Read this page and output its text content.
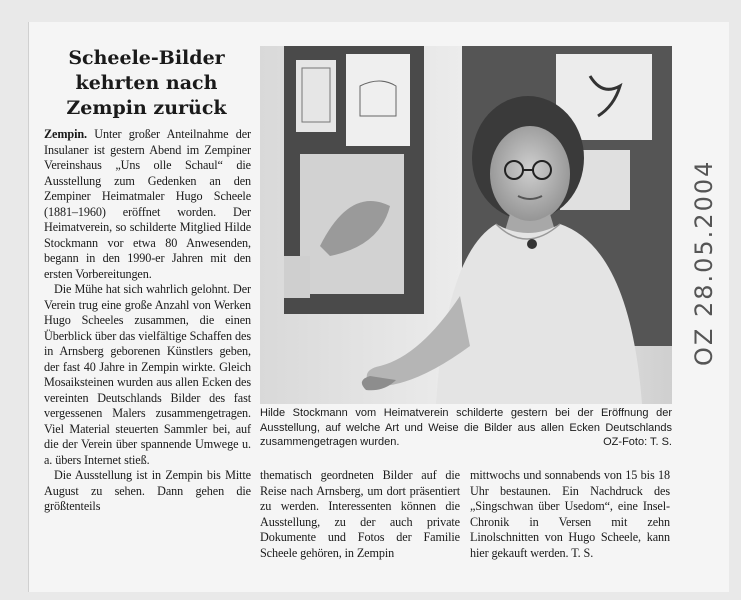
Scheele-Bilder
kehrten nach
Zempin zurück

Zempin. Unter großer Anteilnahme der Insulaner ist gestern Abend im Zempiner Vereinshaus „Uns olle Schaul“ die Ausstellung zum Gedenken an den Zempiner Heimatmaler Hugo Scheele (1881–1960) eröffnet worden. Der Heimatverein, so schilderte Mitglied Hilde Stockmann vor etwa 80 Anwesenden, begann in den 1990-er Jahren mit den ersten Vorbereitungen.

Die Mühe hat sich wahrlich gelohnt. Der Verein trug eine große Anzahl von Werken Hugo Scheeles zusammen, die einen Überblick über das vielfältige Schaffen des in Arnsberg geborenen Künstlers geben, der fast 40 Jahre in Zempin wirkte. Gleich Mosaiksteinen wurden aus allen Ecken des vereinten Deutschlands Bilder des fast vergessenen Malers zusammengetragen. Viel Material steuerten Sammler bei, auf die der Verein über spannende Umwege u. a. übers Internet stieß.

Die Ausstellung ist in Zempin bis Mitte August zu sehen. Dann gehen die größtenteils

Hilde Stockmann vom Heimatverein schilderte gestern bei der Eröffnung der Ausstellung, auf welche Art und Weise die Bilder aus allen Ecken Deutschlands zusammengetragen wurden.	OZ-Foto: T. S.

thematisch geordneten Bilder auf die Reise nach Arnsberg, um dort präsentiert zu werden. Interessenten können die Ausstellung, zu der auch private Dokumente und Fotos der Familie Scheele gehören, in Zempin

mittwochs und sonnabends von 15 bis 18 Uhr bestaunen. Ein Nachdruck des „Singschwan über Usedom“, eine Insel-Chronik in Versen mit zehn Linolschnitten von Hugo Scheele, kann hier gekauft werden. T. S.

OZ 28.05.2004
